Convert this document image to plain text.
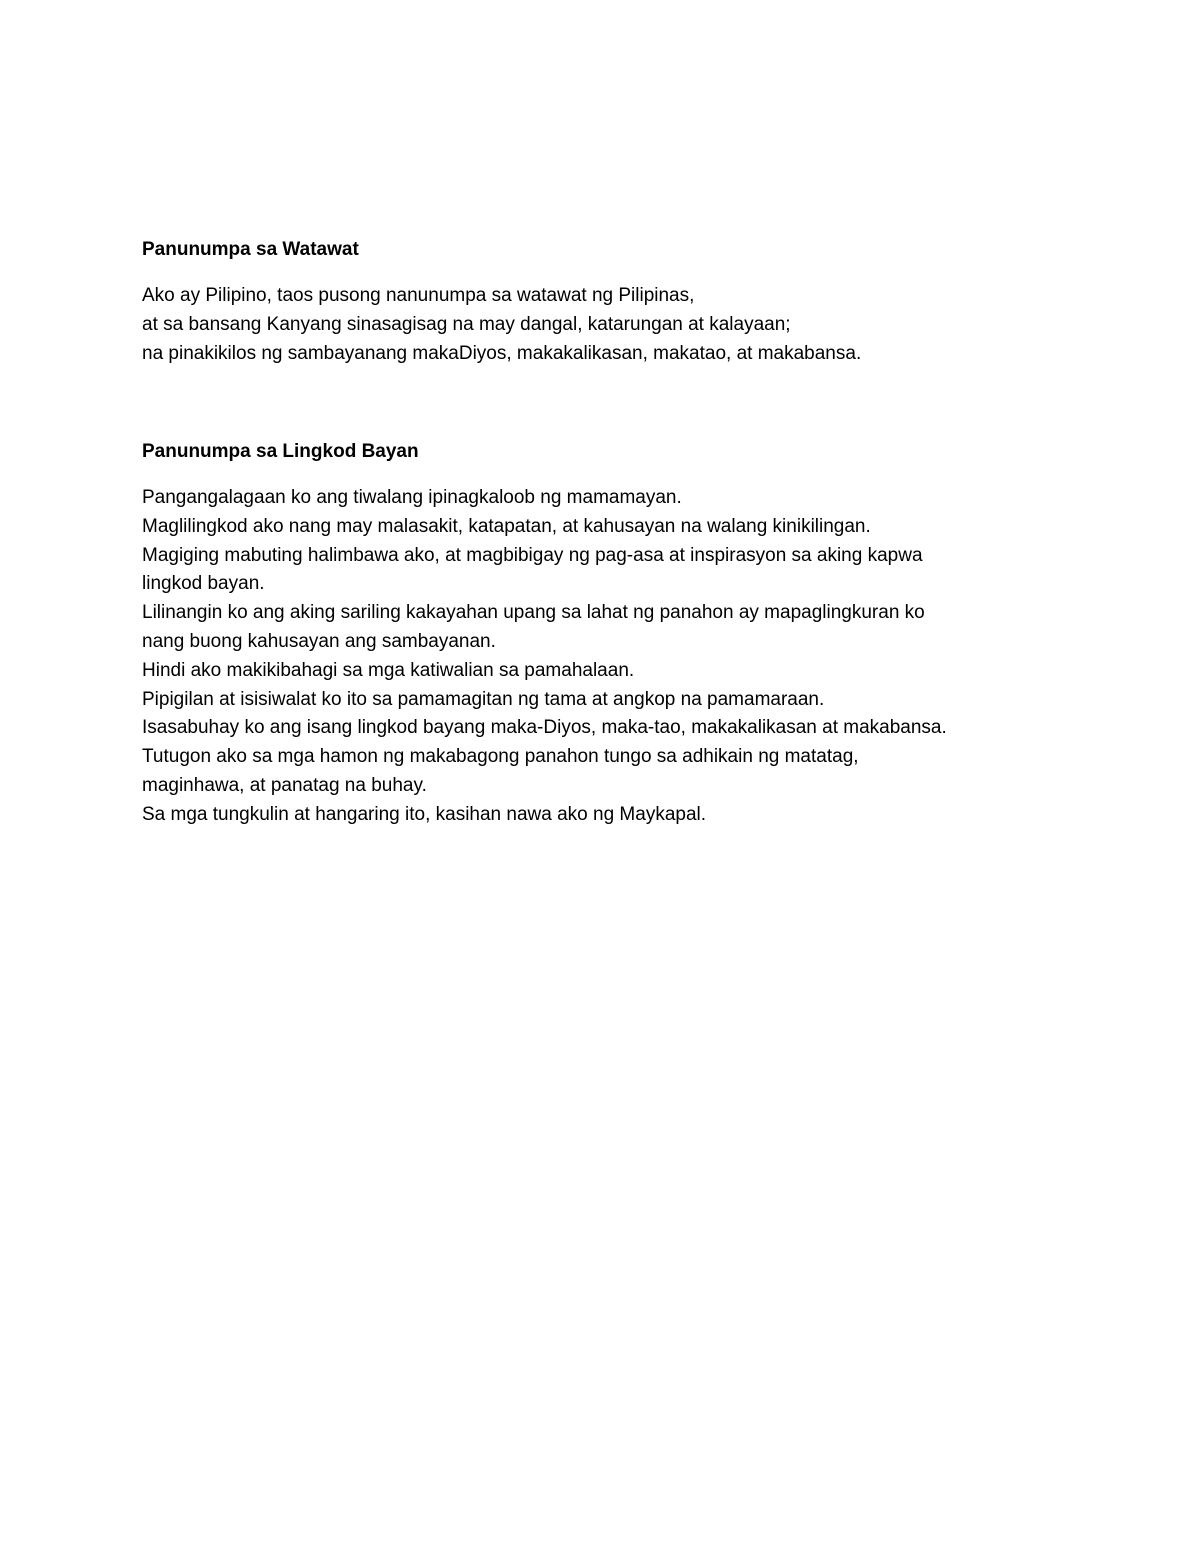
Panunumpa sa Watawat

Ako ay Pilipino, taos pusong nanunumpa sa watawat ng Pilipinas,
at sa bansang Kanyang sinasagisag na may dangal, katarungan at kalayaan;
na pinakikilos ng sambayanang makaDiyos, makakalikasan, makatao, at makabansa.

Panunumpa sa Lingkod Bayan

Pangangalagaan ko ang tiwalang ipinagkaloob ng mamamayan.
Maglilingkod ako nang may malasakit, katapatan, at kahusayan na walang kinikilingan.
Magiging mabuting halimbawa ako, at magbibigay ng pag-asa at inspirasyon sa aking kapwa
lingkod bayan.
Lilinangin ko ang aking sariling kakayahan upang sa lahat ng panahon ay mapaglingkuran ko
nang buong kahusayan ang sambayanan.
Hindi ako makikibahagi sa mga katiwalian sa pamahalaan.
Pipigilan at isisiwalat ko ito sa pamamagitan ng tama at angkop na pamamaraan.
Isasabuhay ko ang isang lingkod bayang maka-Diyos, maka-tao, makakalikasan at makabansa.
Tutugon ako sa mga hamon ng makabagong panahon tungo sa adhikain ng matatag,
maginhawa, at panatag na buhay.
Sa mga tungkulin at hangaring ito, kasihan nawa ako ng Maykapal.
